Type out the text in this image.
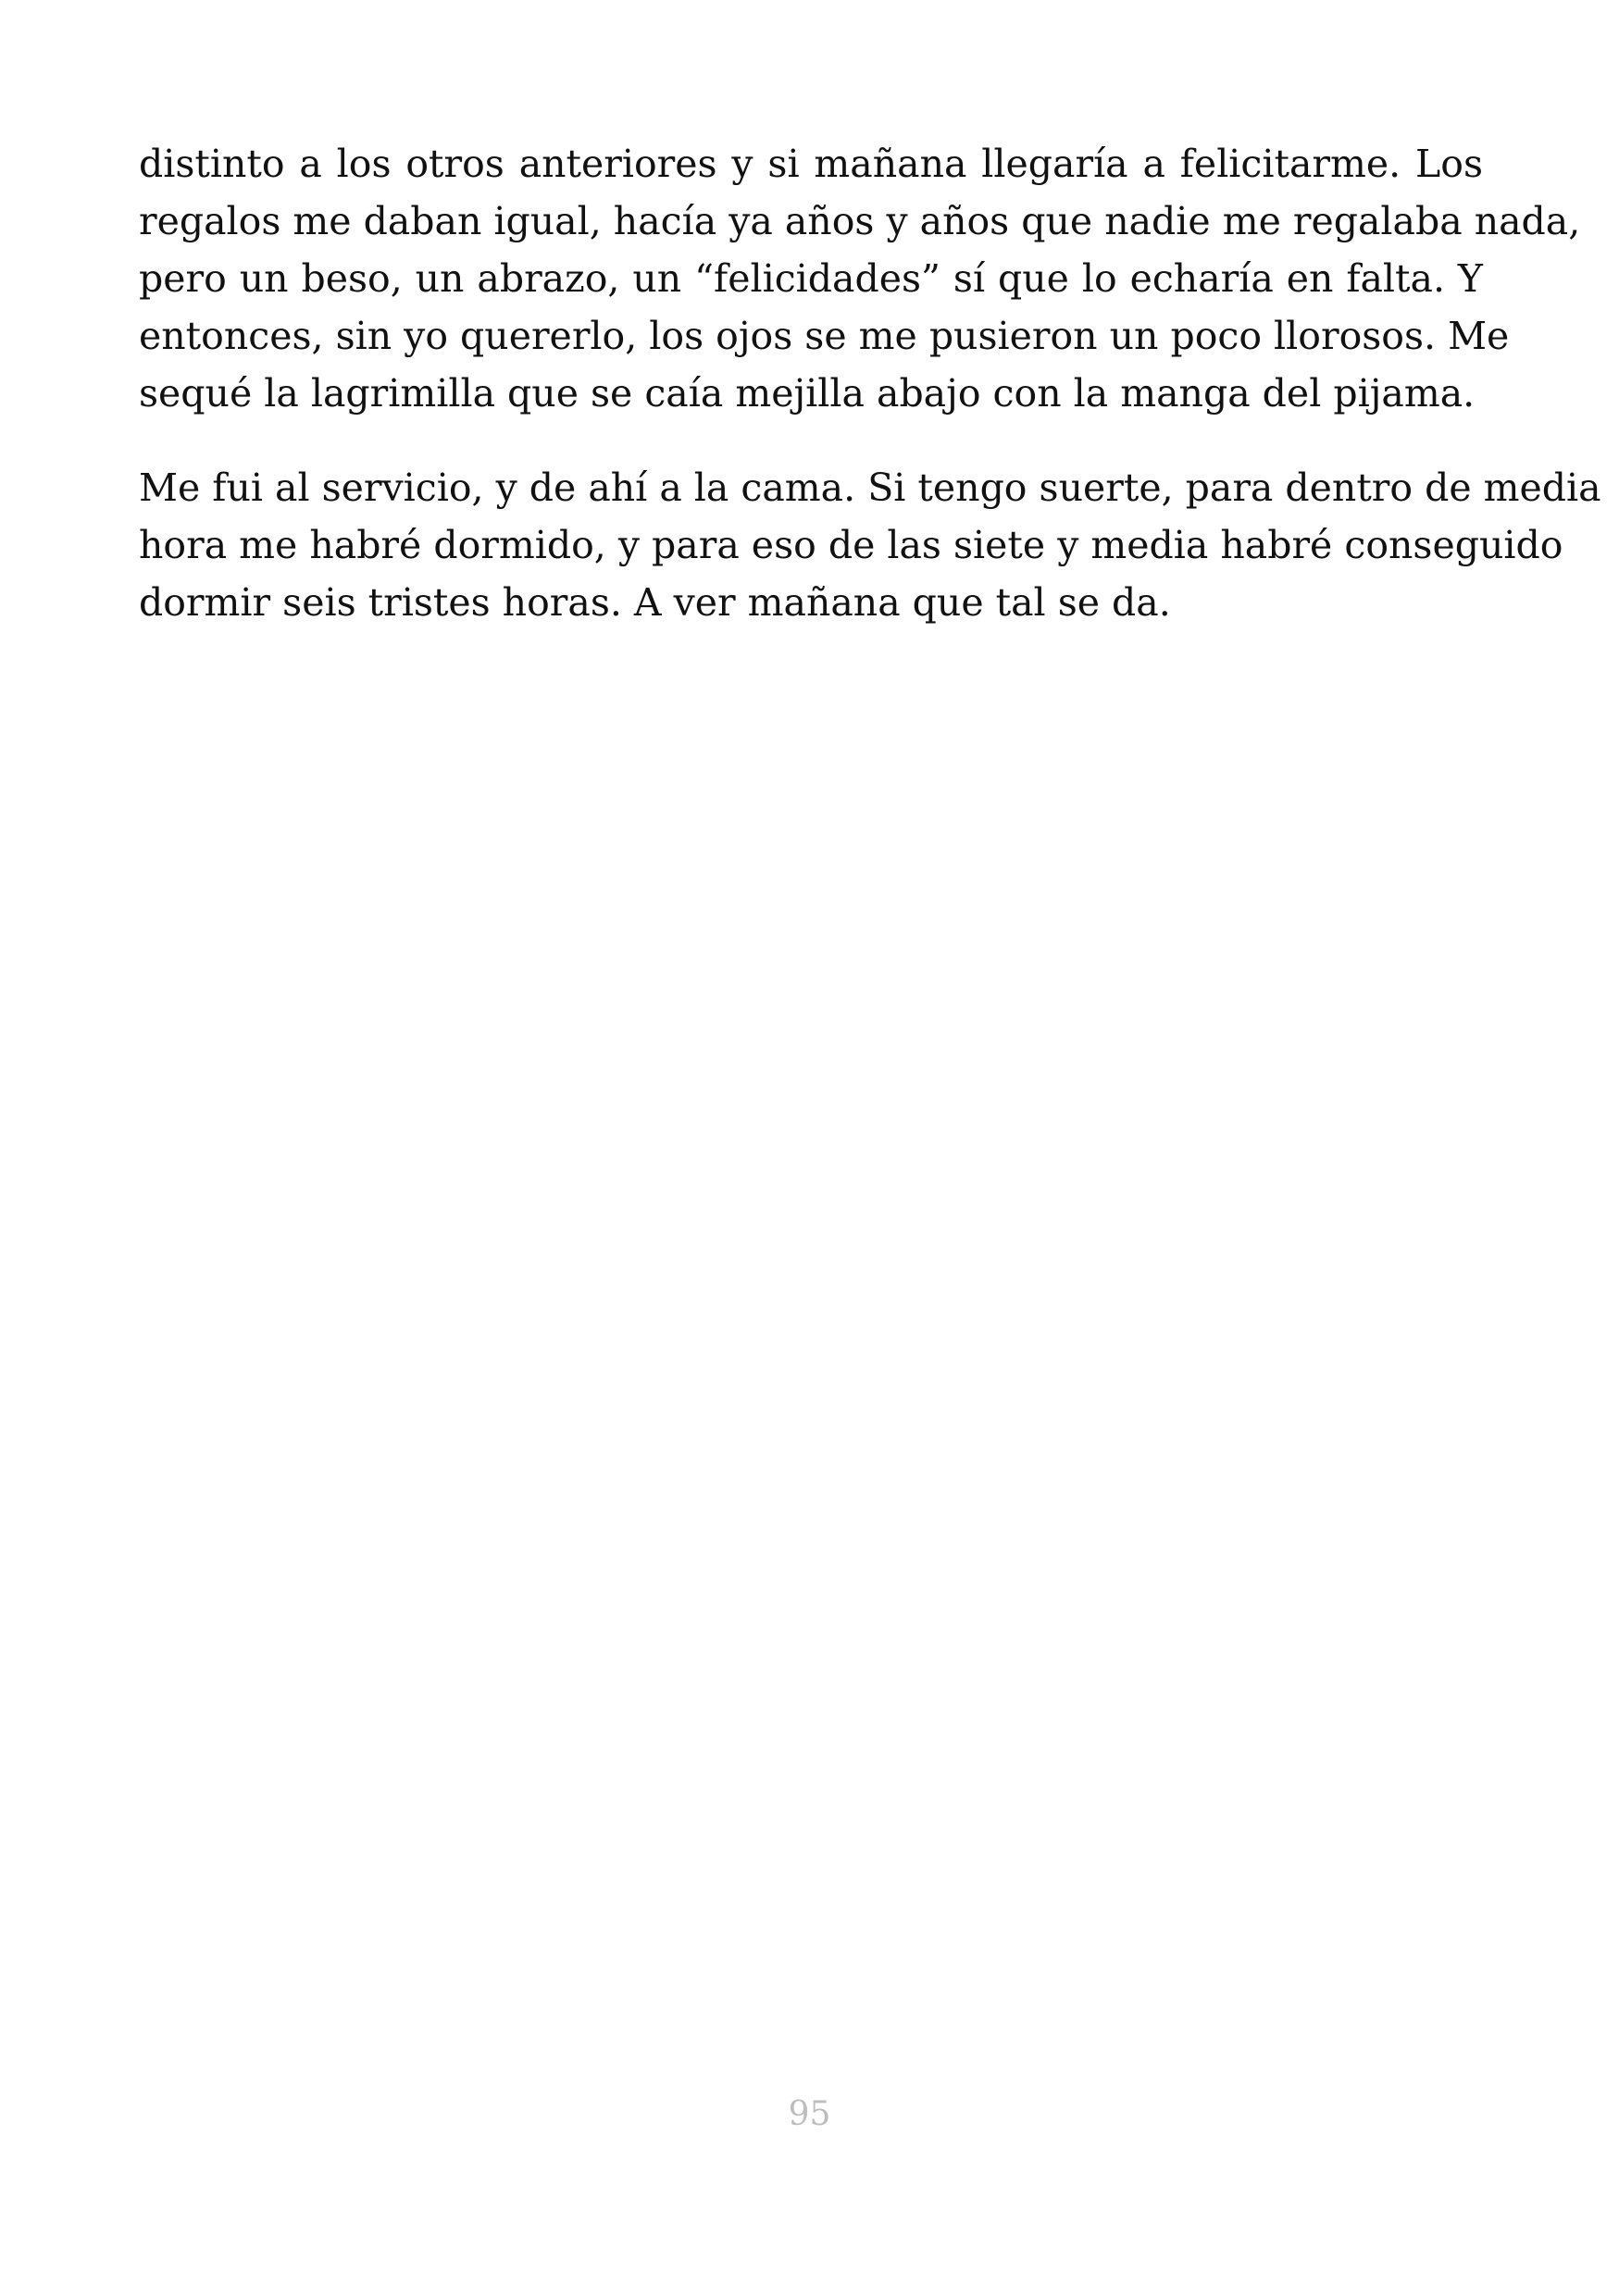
distinto a los otros anteriores y si mañana llegaría a felicitarme. Los
regalos me daban igual, hacía ya años y años que nadie me regalaba nada,
pero un beso, un abrazo, un “felicidades” sí que lo echaría en falta. Y
entonces, sin yo quererlo, los ojos se me pusieron un poco llorosos. Me
sequé la lagrimilla que se caía mejilla abajo con la manga del pijama.

Me fui al servicio, y de ahí a la cama. Si tengo suerte, para dentro de media
hora me habré dormido, y para eso de las siete y media habré conseguido
dormir seis tristes horas. A ver mañana que tal se da.

95
